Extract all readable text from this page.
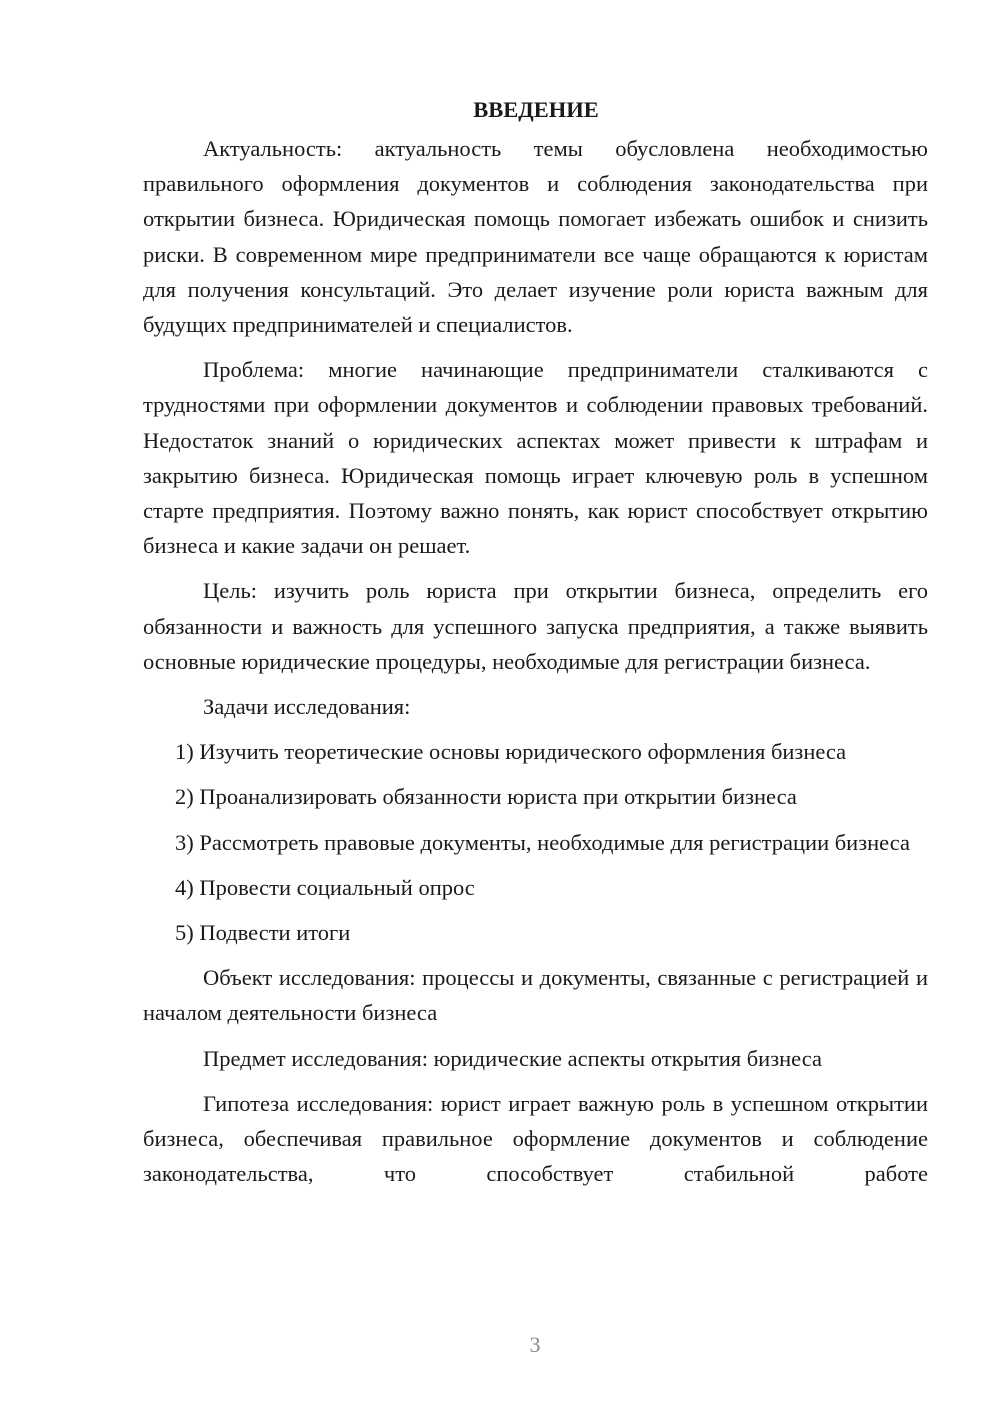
ВВЕДЕНИЕ

Актуальность: актуальность темы обусловлена необходимостью правильного оформления документов и соблюдения законодательства при открытии бизнеса. Юридическая помощь помогает избежать ошибок и снизить риски. В современном мире предприниматели все чаще обращаются к юристам для получения консультаций. Это делает изучение роли юриста важным для будущих предпринимателей и специалистов.

Проблема: многие начинающие предприниматели сталкиваются с трудностями при оформлении документов и соблюдении правовых требований. Недостаток знаний о юридических аспектах может привести к штрафам и закрытию бизнеса. Юридическая помощь играет ключевую роль в успешном старте предприятия. Поэтому важно понять, как юрист способствует открытию бизнеса и какие задачи он решает.

Цель: изучить роль юриста при открытии бизнеса, определить его обязанности и важность для успешного запуска предприятия, а также выявить основные юридические процедуры, необходимые для регистрации бизнеса.

Задачи исследования:

1) Изучить теоретические основы юридического оформления бизнеса

2) Проанализировать обязанности юриста при открытии бизнеса

3) Рассмотреть правовые документы, необходимые для регистрации бизнеса

4) Провести социальный опрос

5) Подвести итоги

Объект исследования: процессы и документы, связанные с регистрацией и началом деятельности бизнеса

Предмет исследования: юридические аспекты открытия бизнеса

Гипотеза исследования: юрист играет важную роль в успешном открытии бизнеса, обеспечивая правильное оформление документов и соблюдение законодательства, что способствует стабильной работе

3
